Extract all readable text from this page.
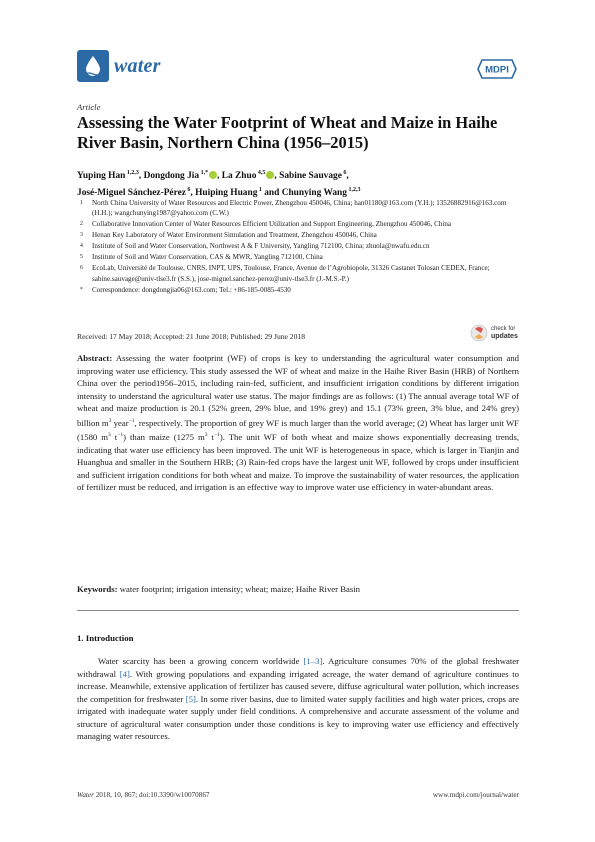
water	MDPI
Article
Assessing the Water Footprint of Wheat and Maize in Haihe River Basin, Northern China (1956–2015)
Yuping Han $^{1,2,3}$, Dongdong Jia $^{1,*}$ , La Zhuo $^{4,5}$ , Sabine Sauvage $^6$,
José-Miguel Sánchez-Pérez $^6$, Huiping Huang $^1$ and Chunying Wang $^{1,2,3}$
1	North China University of Water Resources and Electric Power, Zhengzhou 450046, China; han01180@163.com (Y.H.); 13526882916@163.com (H.H.); wangchunying1987@yahoo.com (C.W.)
2	Collaborative Innovation Center of Water Resources Efficient Utilization and Support Engineering, Zhengzhou 450046, China
3	Henan Key Laboratory of Water Environment Simulation and Treatment, Zhengzhou 450046, China
4	Institute of Soil and Water Conservation, Northwest A & F University, Yangling 712100, China; zhuola@nwafu.edu.cn
5	Institute of Soil and Water Conservation, CAS & MWR, Yangling 712100, China
6	EcoLab, Université de Toulouse, CNRS, INPT, UPS, Toulouse, France, Avenue de l’Agrobiopole, 31326 Castanet Tolosan CEDEX, France; sabine.sauvage@univ-tlse3.fr (S.S.), jose-miguel.sanchez-perez@univ-tlse3.fr (J.-M.S.-P.)
*	Correspondence: dongdongjia06@163.com; Tel.: +86-185-0085-4530
Received: 17 May 2018; Accepted: 21 June 2018; Published: 29 June 2018
check for
updates
Abstract: Assessing the water footprint (WF) of crops is key to understanding the agricultural water consumption and improving water use efficiency. This study assessed the WF of wheat and maize in the Haihe River Basin (HRB) of Northern China over the period1956–2015, including rain-fed, sufficient, and insufficient irrigation conditions by different irrigation intensity to understand the agricultural water use status. The major findings are as follows: (1) The annual average total WF of wheat and maize production is 20.1 (52% green, 29% blue, and 19% grey) and 15.1 (73% green, 3% blue, and 24% grey) billion $m^3$ year$^{-1}$, respectively. The proportion of grey WF is much larger than the world average; (2) Wheat has larger unit WF (1580 $m^3$ $t^{-1}$) than maize (1275 $m^3$ $t^{-1}$). The unit WF of both wheat and maize shows exponentially decreasing trends, indicating that water use efficiency has been improved. The unit WF is heterogeneous in space, which is larger in Tianjin and Huanghua and smaller in the Southern HRB; (3) Rain-fed crops have the largest unit WF, followed by crops under insufficient and sufficient irrigation conditions for both wheat and maize. To improve the sustainability of water resources, the application of fertilizer must be reduced, and irrigation is an effective way to improve water use efficiency in water-abundant areas.
Keywords: water footprint; irrigation intensity; wheat; maize; Haihe River Basin
1. Introduction

Water scarcity has been a growing concern worldwide [1–3]. Agriculture consumes 70% of the global freshwater withdrawal [4]. With growing populations and expanding irrigated acreage, the water demand of agriculture continues to increase. Meanwhile, extensive application of fertilizer has caused severe, diffuse agricultural water pollution, which increases the competition for freshwater [5]. In some river basins, due to limited water supply facilities and high water prices, crops are irrigated with inadequate water supply under field conditions. A comprehensive and accurate assessment of the volume and structure of agricultural water consumption under those conditions is key to improving water use efficiency and effectively managing water resources.

Water 2018, 10, 867; doi:10.3390/w10070867	www.mdpi.com/journal/water
